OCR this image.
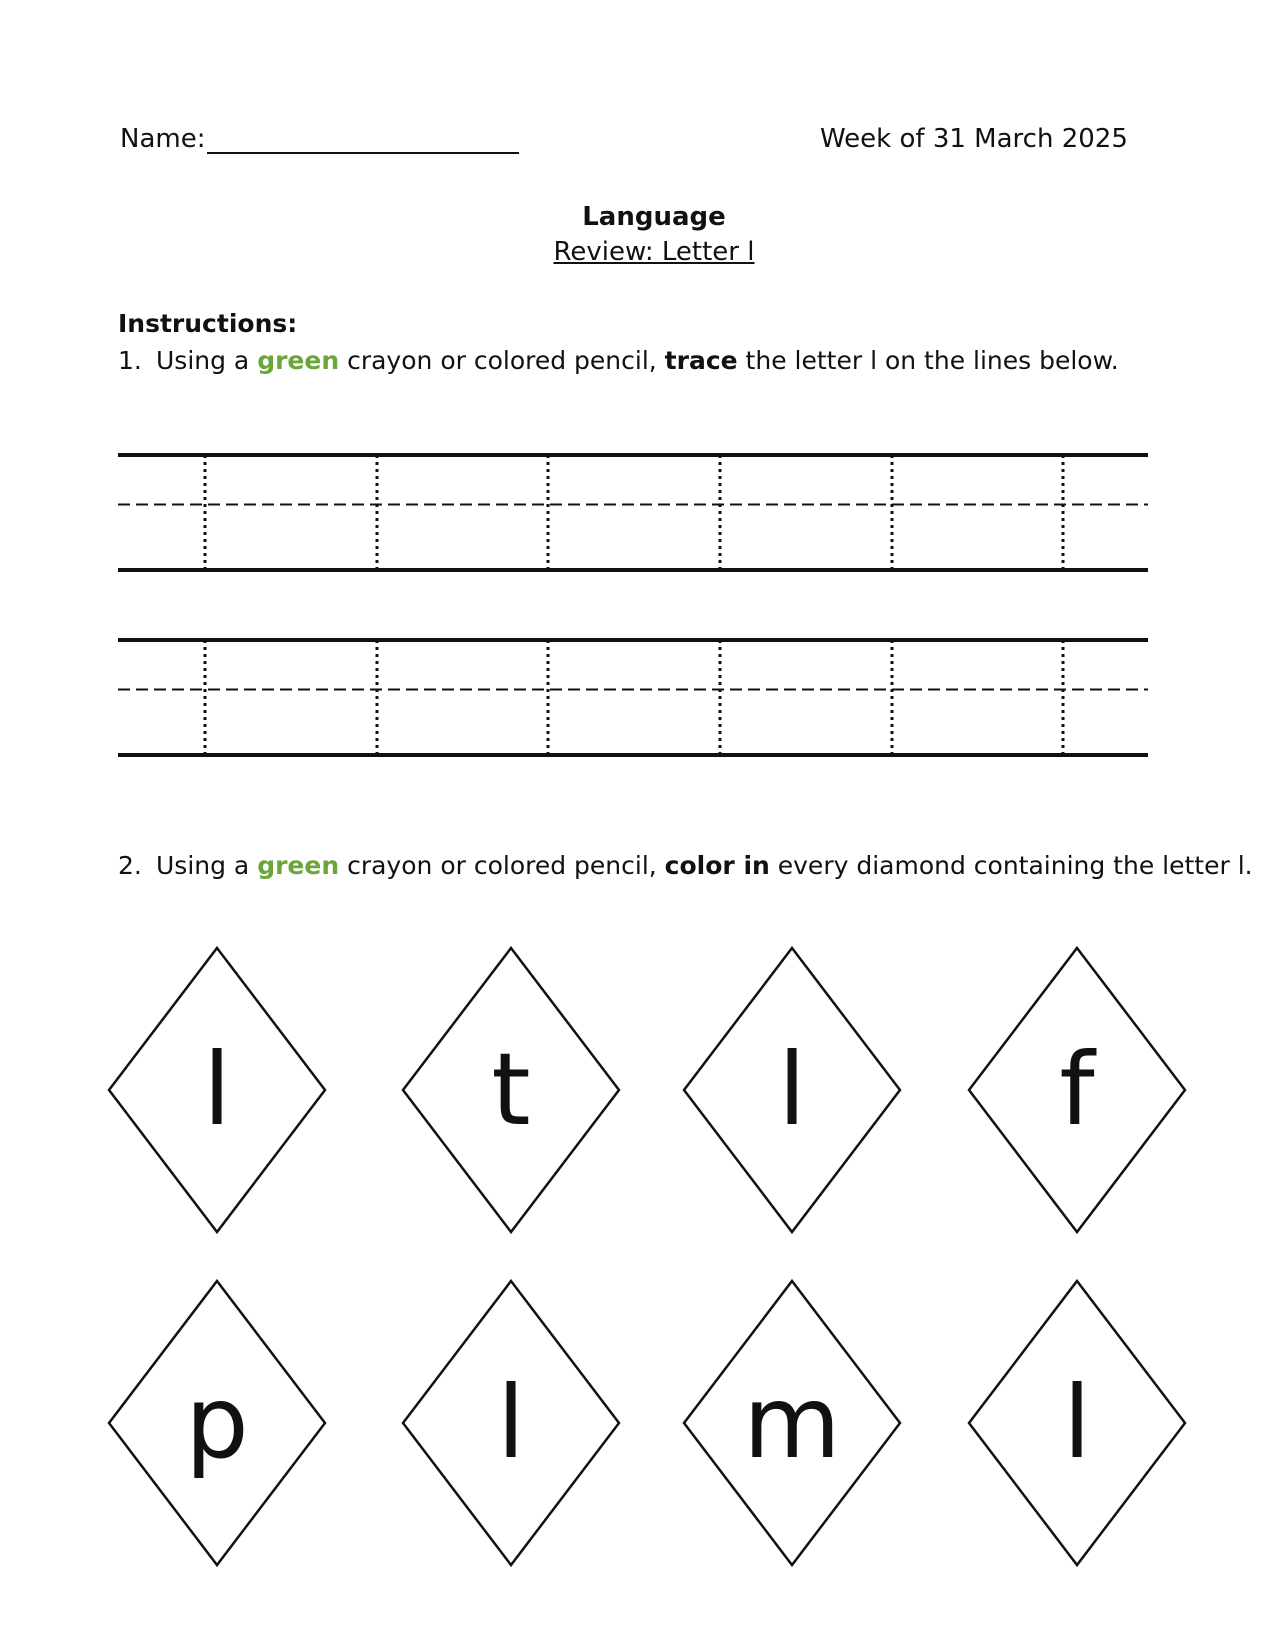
Name:	Week of 31 March 2025
Language
Review: Letter l
Instructions:
1. Using a green crayon or colored pencil, trace the letter l on the lines below.
2. Using a green crayon or colored pencil, color in every diamond containing the letter l.
l	t l	f
p l m l
